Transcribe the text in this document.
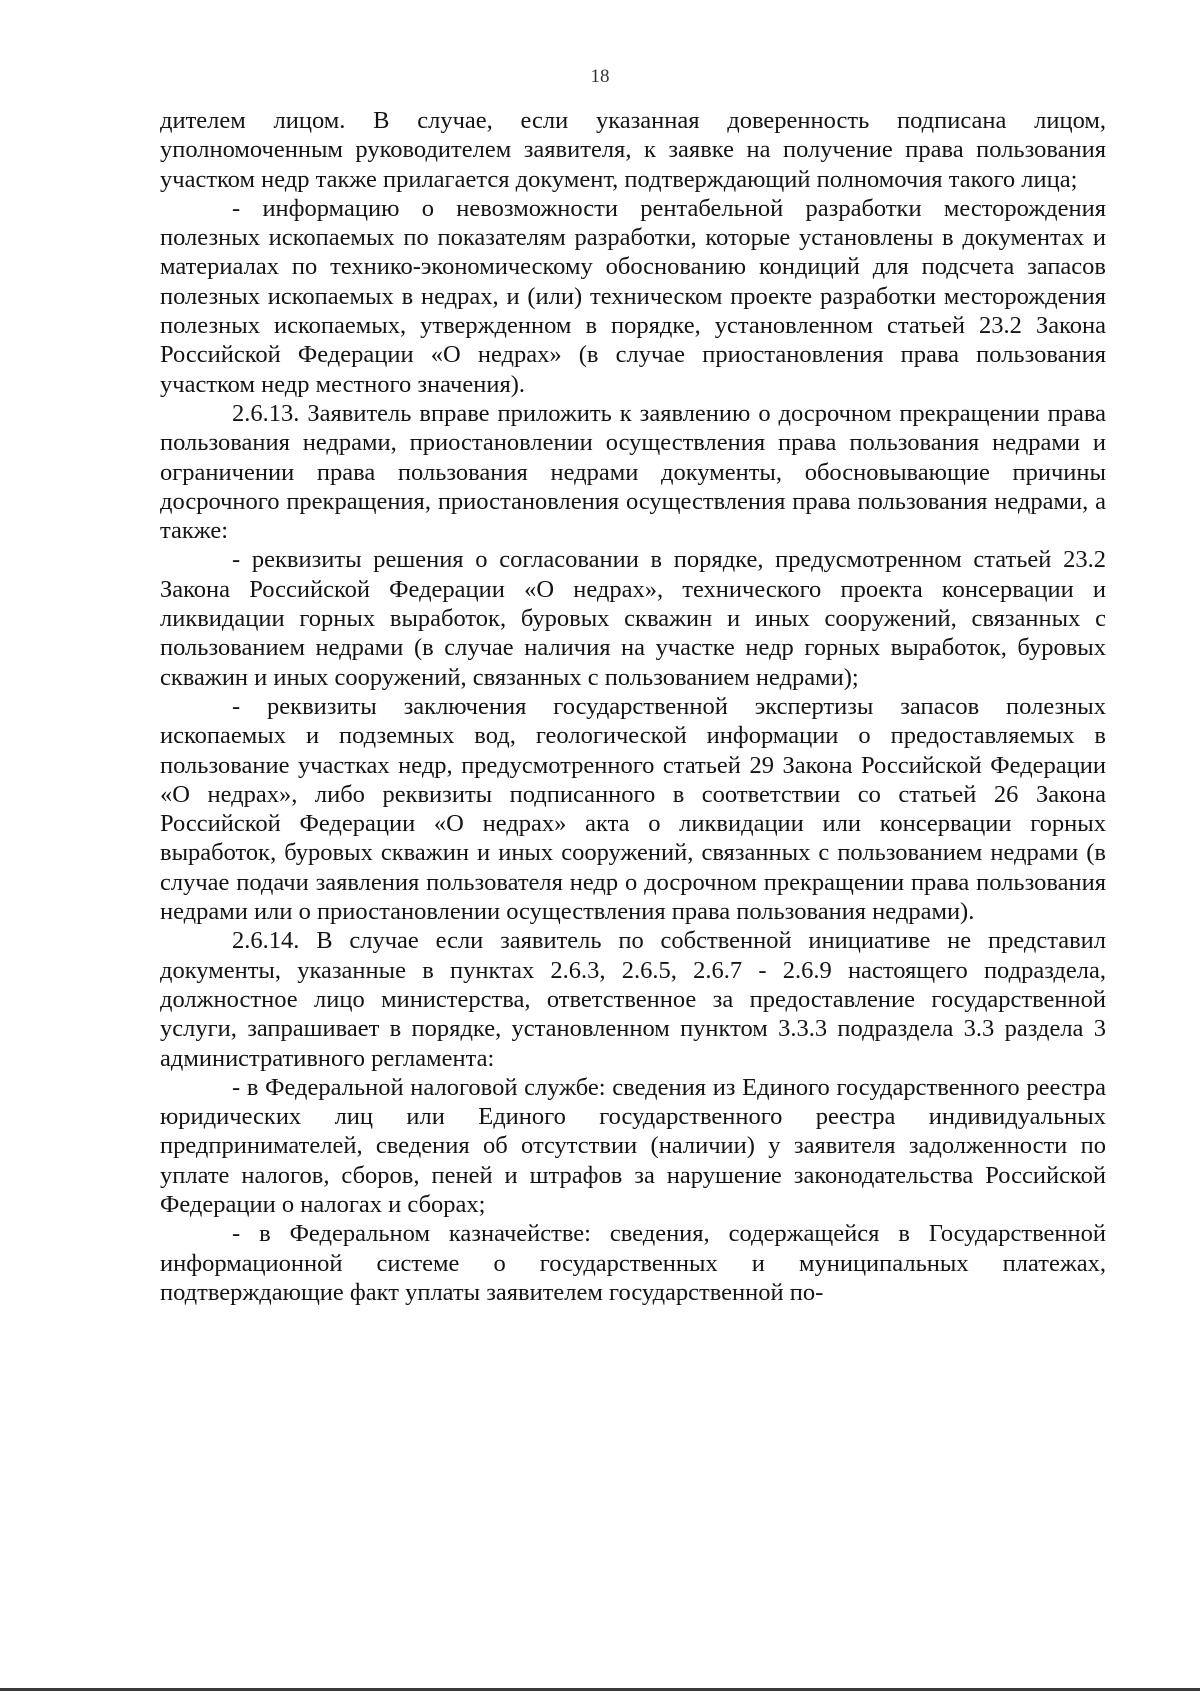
18

дителем лицом. В случае, если указанная доверенность подписана лицом, уполномоченным руководителем заявителя, к заявке на получение права пользования участком недр также прилагается документ, подтверждающий полномочия такого лица;

- информацию о невозможности рентабельной разработки месторождения полезных ископаемых по показателям разработки, которые установлены в документах и материалах по технико-экономическому обоснованию кондиций для подсчета запасов полезных ископаемых в недрах, и (или) техническом проекте разработки месторождения полезных ископаемых, утвержденном в порядке, установленном статьей 23.2 Закона Российской Федерации «О недрах» (в случае приостановления права пользования участком недр местного значения).

2.6.13. Заявитель вправе приложить к заявлению о досрочном прекращении права пользования недрами, приостановлении осуществления права пользования недрами и ограничении права пользования недрами документы, обосновывающие причины досрочного прекращения, приостановления осуществления права пользования недрами, а также:

- реквизиты решения о согласовании в порядке, предусмотренном статьей 23.2 Закона Российской Федерации «О недрах», технического проекта консервации и ликвидации горных выработок, буровых скважин и иных сооружений, связанных с пользованием недрами (в случае наличия на участке недр горных выработок, буровых скважин и иных сооружений, связанных с пользованием недрами);

- реквизиты заключения государственной экспертизы запасов полезных ископаемых и подземных вод, геологической информации о предоставляемых в пользование участках недр, предусмотренного статьей 29 Закона Российской Федерации «О недрах», либо реквизиты подписанного в соответствии со статьей 26 Закона Российской Федерации «О недрах» акта о ликвидации или консервации горных выработок, буровых скважин и иных сооружений, связанных с пользованием недрами (в случае подачи заявления пользователя недр о досрочном прекращении права пользования недрами или о приостановлении осуществления права пользования недрами).

2.6.14. В случае если заявитель по собственной инициативе не представил документы, указанные в пунктах 2.6.3, 2.6.5, 2.6.7 - 2.6.9 настоящего подраздела, должностное лицо министерства, ответственное за предоставление государственной услуги, запрашивает в порядке, установленном пунктом 3.3.3 подраздела 3.3 раздела 3 административного регламента:

- в Федеральной налоговой службе: сведения из Единого государственного реестра юридических лиц или Единого государственного реестра индивидуальных предпринимателей, сведения об отсутствии (наличии) у заявителя задолженности по уплате налогов, сборов, пеней и штрафов за нарушение законодательства Российской Федерации о налогах и сборах;

- в Федеральном казначействе: сведения, содержащейся в Государственной информационной системе о государственных и муниципальных платежах, подтверждающие факт уплаты заявителем государственной по-
